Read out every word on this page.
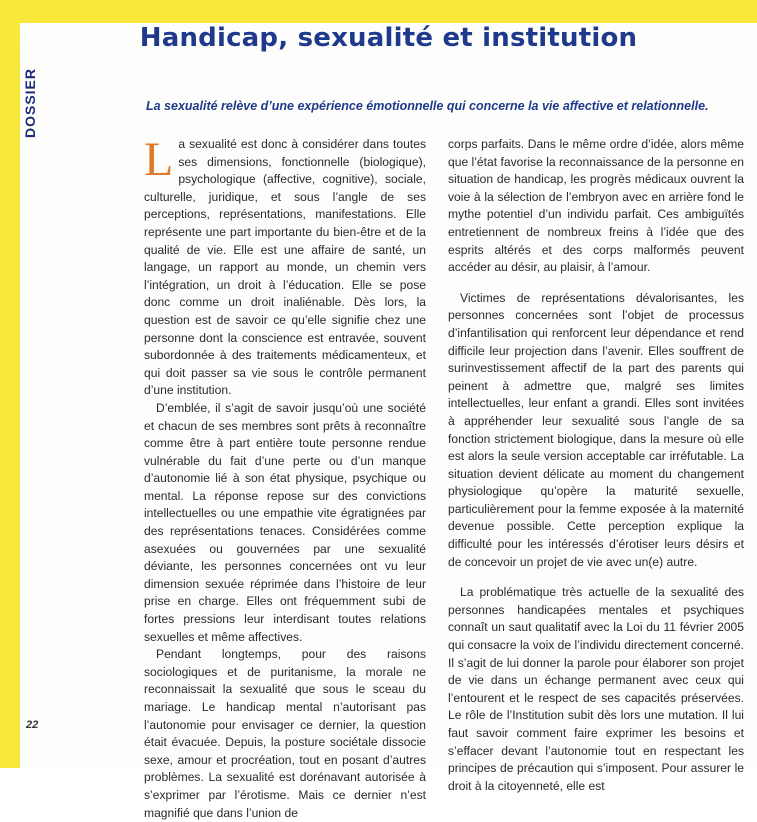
DOSSIER
Handicap, sexualité et institution

La sexualité relève d’une expérience émotionnelle qui concerne la vie affective et relationnelle.

La sexualité est donc à considérer dans toutes ses dimensions, fonctionnelle (biologique), psychologique (affective, cognitive), sociale, culturelle, juridique, et sous l’angle de ses perceptions, représentations, manifestations. Elle représente une part importante du bien-être et de la qualité de vie. Elle est une affaire de santé, un langage, un rapport au monde, un chemin vers l’intégration, un droit à l’éducation. Elle se pose donc comme un droit inaliénable. Dès lors, la question est de savoir ce qu’elle signifie chez une personne dont la conscience est entravée, souvent subordonnée à des traitements médicamenteux, et qui doit passer sa vie sous le contrôle permanent d’une institution.

D’emblée, il s’agit de savoir jusqu’où une société et chacun de ses membres sont prêts à reconnaître comme être à part entière toute personne rendue vulnérable du fait d’une perte ou d’un manque d’autonomie lié à son état physique, psychique ou mental. La réponse repose sur des convictions intellectuelles ou une empathie vite égratignées par des représentations tenaces. Considérées comme asexuées ou gouvernées par une sexualité déviante, les personnes concernées ont vu leur dimension sexuée réprimée dans l’histoire de leur prise en charge. Elles ont fréquemment subi de fortes pressions leur interdisant toutes relations sexuelles et même affectives.

Pendant longtemps, pour des raisons sociologiques et de puritanisme, la morale ne reconnaissait la sexualité que sous le sceau du mariage. Le handicap mental n’autorisant pas l’autonomie pour envisager ce dernier, la question était évacuée. Depuis, la posture sociétale dissocie sexe, amour et procréation, tout en posant d’autres problèmes. La sexualité est dorénavant autorisée à s’exprimer par l’érotisme. Mais ce dernier n’est magnifié que dans l’union de

corps parfaits. Dans le même ordre d’idée, alors même que l’état favorise la reconnaissance de la personne en situation de handicap, les progrès médicaux ouvrent la voie à la sélection de l’embryon avec en arrière fond le mythe potentiel d’un individu parfait. Ces ambiguïtés entretiennent de nombreux freins à l’idée que des esprits altérés et des corps malformés peuvent accéder au désir, au plaisir, à l’amour.

Victimes de représentations dévalorisantes, les personnes concernées sont l’objet de processus d’infantilisation qui renforcent leur dépendance et rend difficile leur projection dans l’avenir. Elles souffrent de surinvestissement affectif de la part des parents qui peinent à admettre que, malgré ses limites intellectuelles, leur enfant a grandi. Elles sont invitées à appréhender leur sexualité sous l’angle de sa fonction strictement biologique, dans la mesure où elle est alors la seule version acceptable car irréfutable. La situation devient délicate au moment du changement physiologique qu’opère la maturité sexuelle, particulièrement pour la femme exposée à la maternité devenue possible. Cette perception explique la difficulté pour les intéressés d’érotiser leurs désirs et de concevoir un projet de vie avec un(e) autre.

La problématique très actuelle de la sexualité des personnes handicapées mentales et psychiques connaît un saut qualitatif avec la Loi du 11 février 2005 qui consacre la voix de l’individu directement concerné. Il s’agit de lui donner la parole pour élaborer son projet de vie dans un échange permanent avec ceux qui l’entourent et le respect de ses capacités préservées. Le rôle de l’Institution subit dès lors une mutation. Il lui faut savoir comment faire exprimer les besoins et s’effacer devant l’autonomie tout en respectant les principes de précaution qui s’imposent. Pour assurer le droit à la citoyenneté, elle est

22
